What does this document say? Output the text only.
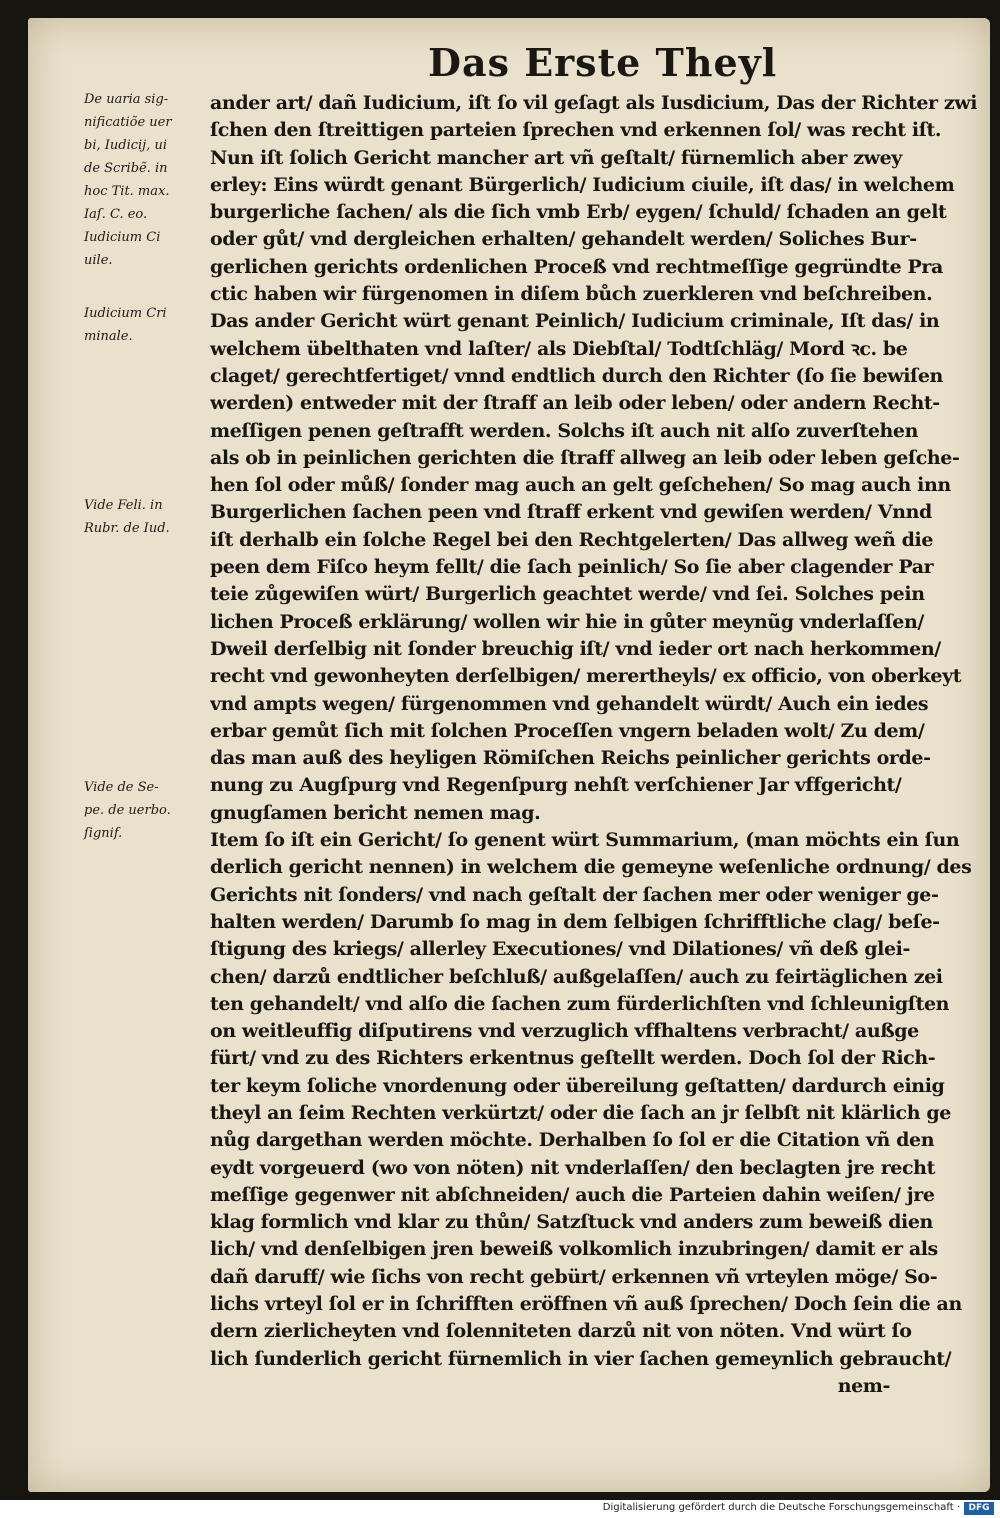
Das Erste Theyl
De uaria sig-
nificatiõe uer
bi, Iudicij, ui
de Scribẽ. in
hoc Tit. max.
Iaſ. C. eo.
Iudicium Ci
uile.
Iudicium Cri
minale.
Vide Feli. in
Rubr. de Iud.
Vide de Se-
pe. de uerbo.
ſignif.
ander art/ dañ Iudicium, iſt ſo vil geſagt als Iusdicium, Das der Richter zwi
ſchen den ſtreittigen parteien ſprechen vnd erkennen ſol/ was recht iſt.
Nun iſt ſolich Gericht mancher art vñ geſtalt/ fürnemlich aber zwey
erley: Eins würdt genant Bürgerlich/ Iudicium ciuile, iſt das/ in welchem
burgerliche ſachen/ als die ſich vmb Erb/ eygen/ ſchuld/ ſchaden an gelt
oder gůt/ vnd dergleichen erhalten/ gehandelt werden/ Soliches Bur-
gerlichen gerichts ordenlichen Proceß vnd rechtmeſſige gegründte Pra
ctic haben wir fürgenomen in diſem bůch zuerkleren vnd beſchreiben.
Das ander Gericht würt genant Peinlich/ Iudicium criminale, Iſt das/ in
welchem übelthaten vnd laſter/ als Diebſtal/ Todtſchläg/ Mord ꝛc. be
claget/ gerechtfertiget/ vnnd endtlich durch den Richter (ſo ſie bewiſen
werden) entweder mit der ſtraff an leib oder leben/ oder andern Recht-
meſſigen penen geſtrafft werden. Solchs iſt auch nit alſo zuverſtehen
als ob in peinlichen gerichten die ſtraff allweg an leib oder leben geſche-
hen ſol oder můß/ ſonder mag auch an gelt geſchehen/ So mag auch inn
Burgerlichen ſachen peen vnd ſtraff erkent vnd gewiſen werden/ Vnnd
iſt derhalb ein ſolche Regel bei den Rechtgelerten/ Das allweg weñ die
peen dem Fiſco heym fellt/ die ſach peinlich/ So ſie aber clagender Par
teie zůgewiſen würt/ Burgerlich geachtet werde/ vnd ſei. Solches pein
lichen Proceß erklärung/ wollen wir hie in gůter meynũg vnderlaſſen/
Dweil derſelbig nit ſonder breuchig iſt/ vnd ieder ort nach herkommen/
recht vnd gewonheyten derſelbigen/ merertheyls/ ex officio, von oberkeyt
vnd ampts wegen/ fürgenommen vnd gehandelt würdt/ Auch ein iedes
erbar gemůt ſich mit ſolchen Proceſſen vngern beladen wolt/ Zu dem/
das man auß des heyligen Römiſchen Reichs peinlicher gerichts orde-
nung zu Augſpurg vnd Regenſpurg nehſt verſchiener Jar vffgericht/
gnugſamen bericht nemen mag.
Item ſo iſt ein Gericht/ ſo genent würt Summarium, (man möchts ein ſun
derlich gericht nennen) in welchem die gemeyne weſenliche ordnung/ des
Gerichts nit ſonders/ vnd nach geſtalt der ſachen mer oder weniger ge-
halten werden/ Darumb ſo mag in dem ſelbigen ſchrifftliche clag/ beſe-
ſtigung des kriegs/ allerley Executiones/ vnd Dilationes/ vñ deß glei-
chen/ darzů endtlicher beſchluß/ außgelaſſen/ auch zu feirtäglichen zei
ten gehandelt/ vnd alſo die ſachen zum fürderlichſten vnd ſchleunigſten
on weitleuffig diſputirens vnd verzuglich vffhaltens verbracht/ außge
fürt/ vnd zu des Richters erkentnus geſtellt werden. Doch ſol der Rich-
ter keym ſoliche vnordenung oder übereilung geſtatten/ dardurch einig
theyl an ſeim Rechten verkürtzt/ oder die ſach an jr ſelbſt nit klärlich ge
nůg dargethan werden möchte. Derhalben ſo ſol er die Citation vñ den
eydt vorgeuerd (wo von nöten) nit vnderlaſſen/ den beclagten jre recht
meſſige gegenwer nit abſchneiden/ auch die Parteien dahin weiſen/ jre
klag formlich vnd klar zu thůn/ Satzſtuck vnd anders zum beweiß dien
lich/ vnd denſelbigen jren beweiß volkomlich inzubringen/ damit er als
dañ daruff/ wie ſichs von recht gebürt/ erkennen vñ vrteylen möge/ So-
lichs vrteyl ſol er in ſchrifften eröffnen vñ auß ſprechen/ Doch ſein die an
dern zierlicheyten vnd ſolenniteten darzů nit von nöten. Vnd würt ſo
lich ſunderlich gericht fürnemlich in vier ſachen gemeynlich gebraucht/
nem-
Digitalisierung gefördert durch die Deutsche Forschungsgemeinschaft · DFG
